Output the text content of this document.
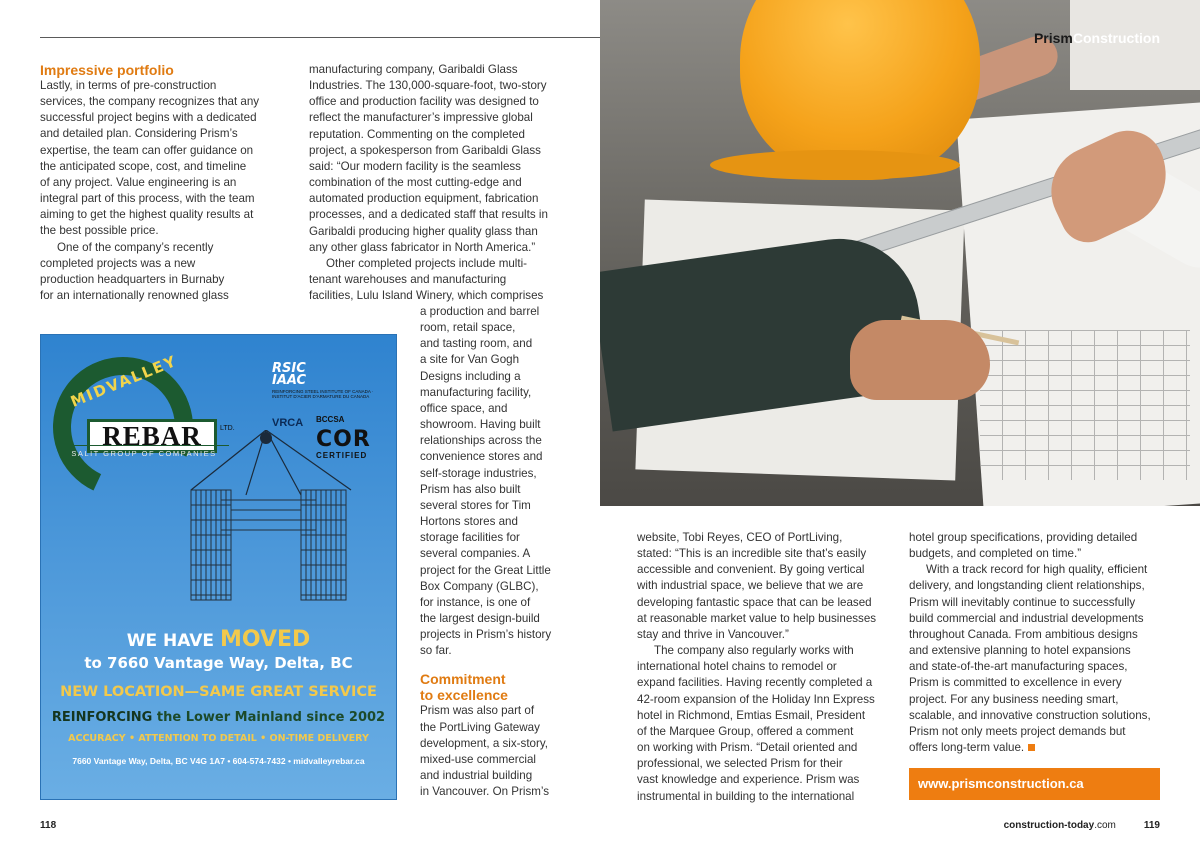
PrismConstruction
Impressive portfolio
Lastly, in terms of pre-construction
services, the company recognizes that any
successful project begins with a dedicated
and detailed plan. Considering Prism’s
expertise, the team can offer guidance on
the anticipated scope, cost, and timeline
of any project. Value engineering is an
integral part of this process, with the team
aiming to get the highest quality results at
the best possible price.
One of the company’s recently
completed projects was a new
production headquarters in Burnaby
for an internationally renowned glass
manufacturing company, Garibaldi Glass
Industries. The 130,000-square-foot, two-story
office and production facility was designed to
reflect the manufacturer’s impressive global
reputation. Commenting on the completed
project, a spokesperson from Garibaldi Glass
said: “Our modern facility is the seamless
combination of the most cutting-edge and
automated production equipment, fabrication
processes, and a dedicated staff that results in
Garibaldi producing higher quality glass than
any other glass fabricator in North America.”
Other completed projects include multi-
tenant warehouses and manufacturing
facilities, Lulu Island Winery, which comprises
a production and barrel
room, retail space,
and tasting room, and
a site for Van Gogh
Designs including a
manufacturing facility,
office space, and
showroom. Having built
relationships across the
convenience stores and
self-storage industries,
Prism has also built
several stores for Tim
Hortons stores and
storage facilities for
several companies. A
project for the Great Little
Box Company (GLBC),
for instance, is one of
the largest design-build
projects in Prism’s history
so far.
Commitment
to excellence
Prism was also part of
the PortLiving Gateway
development, a six-story,
mixed-use commercial
and industrial building
in Vancouver. On Prism’s
MIDVALLEY
REBAR	LTD.
SALIT GROUP OF COMPANIES
RSIC
IAAC
REINFORCING STEEL INSTITUTE OF CANADA · INSTITUT D'ACIER D'ARMATURE DU CANADA
VRCA BCCSA
COR
CERTIFIED
WE HAVE MOVED
to 7660 Vantage Way, Delta, BC
NEW LOCATION—SAME GREAT SERVICE
REINFORCING the Lower Mainland since 2002
ACCURACY • ATTENTION TO DETAIL • ON-TIME DELIVERY
7660 Vantage Way, Delta, BC V4G 1A7 • 604-574-7432 • midvalleyrebar.ca
website, Tobi Reyes, CEO of PortLiving,
stated: “This is an incredible site that’s easily
accessible and convenient. By going vertical
with industrial space, we believe that we are
developing fantastic space that can be leased
at reasonable market value to help businesses
stay and thrive in Vancouver.”
The company also regularly works with
international hotel chains to remodel or
expand facilities. Having recently completed a
42-room expansion of the Holiday Inn Express
hotel in Richmond, Emtias Esmail, President
of the Marquee Group, offered a comment
on working with Prism. “Detail oriented and
professional, we selected Prism for their
vast knowledge and experience. Prism was
instrumental in building to the international
hotel group specifications, providing detailed
budgets, and completed on time.”
With a track record for high quality, efficient
delivery, and longstanding client relationships,
Prism will inevitably continue to successfully
build commercial and industrial developments
throughout Canada. From ambitious designs
and extensive planning to hotel expansions
and state-of-the-art manufacturing spaces,
Prism is committed to excellence in every
project. For any business needing smart,
scalable, and innovative construction solutions,
Prism not only meets project demands but
offers long-term value.
www.prismconstruction.ca
118	construction-today.com	119
